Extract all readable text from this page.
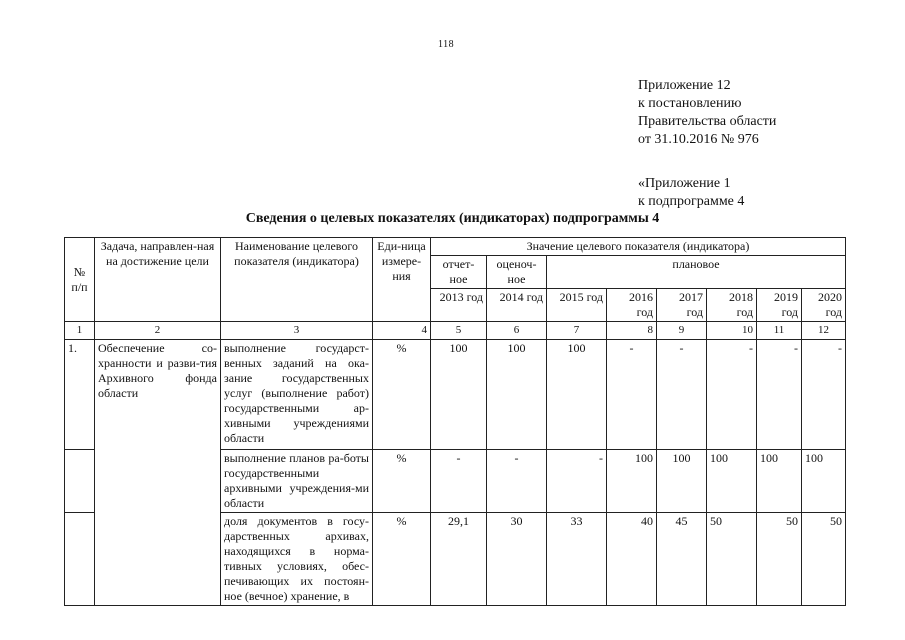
118
Приложение 12
к постановлению
Правительства области
от 31.10.2016 № 976
«Приложение 1
к подпрограмме 4
Сведения о целевых показателях (индикаторах) подпрограммы 4
№ п/п	Задача, направлен-ная на достижение цели	Наименование целевого показателя (индикатора)	Еди-ница измере-ния	Значение целевого показателя (индикатора)							
				отчет-ное	оценоч-ное	плановое					
				2013 год	2014 год	2015 год	2016 год	2017 год	2018 год	2019 год	2020 год
1	2	3	4	5	6	7	8	9	10	11	12
1.	Обеспечение со-хранности и разви-тия Архивного фонда области	выполнение государст-венных заданий на ока-зание государственных услуг (выполнение работ) государственными ар-хивными учреждениями области	%	100	100	100	-	-	-	-	-
		выполнение планов ра-боты государственными архивными учреждения-ми области	%	-	-	-	100	100	100	100	100
		доля документов в госу-дарственных архивах, находящихся в норма-тивных условиях, обес-печивающих их постоян-ное (вечное) хранение, в	%	29,1	30	33	40	45	50	50	50
